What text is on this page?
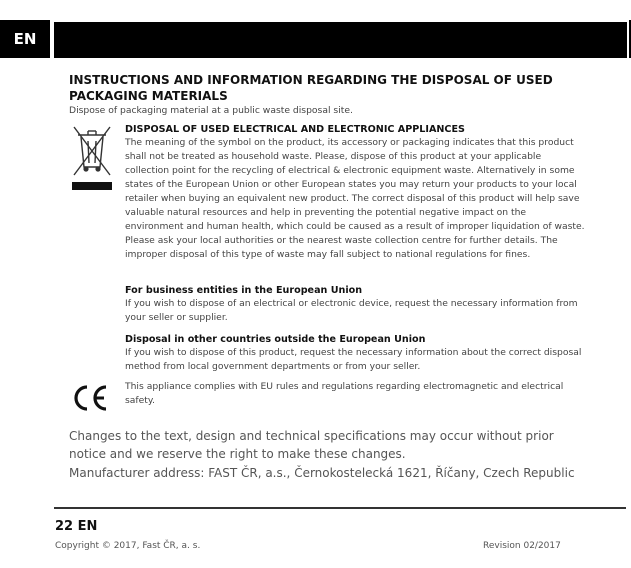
EN
INSTRUCTIONS AND INFORMATION REGARDING THE DISPOSAL OF USED PACKAGING MATERIALS
Dispose of packaging material at a public waste disposal site.
DISPOSAL OF USED ELECTRICAL AND ELECTRONIC APPLIANCES

The meaning of the symbol on the product, its accessory or packaging indicates that this product shall not be treated as household waste. Please, dispose of this product at your applicable collection point for the recycling of electrical & electronic equipment waste. Alternatively in some states of the European Union or other European states you may return your products to your local retailer when buying an equivalent new product. The correct disposal of this product will help save valuable natural resources and help in preventing the potential negative impact on the environment and human health, which could be caused as a result of improper liquidation of waste. Please ask your local authorities or the nearest waste collection centre for further details. The improper disposal of this type of waste may fall subject to national regulations for fines.

For business entities in the European Union

If you wish to dispose of an electrical or electronic device, request the necessary information from your seller or supplier.

Disposal in other countries outside the European Union

If you wish to dispose of this product, request the necessary information about the correct disposal method from local government departments or from your seller.

This appliance complies with EU rules and regulations regarding electromagnetic and electrical safety.

Changes to the text, design and technical specifications may occur without prior notice and we reserve the right to make these changes.

Manufacturer address: FAST ČR, a.s., Černokostelecká 1621, Říčany, Czech Republic

22 EN
Copyright © 2017, Fast ČR, a. s.	Revision 02/2017
